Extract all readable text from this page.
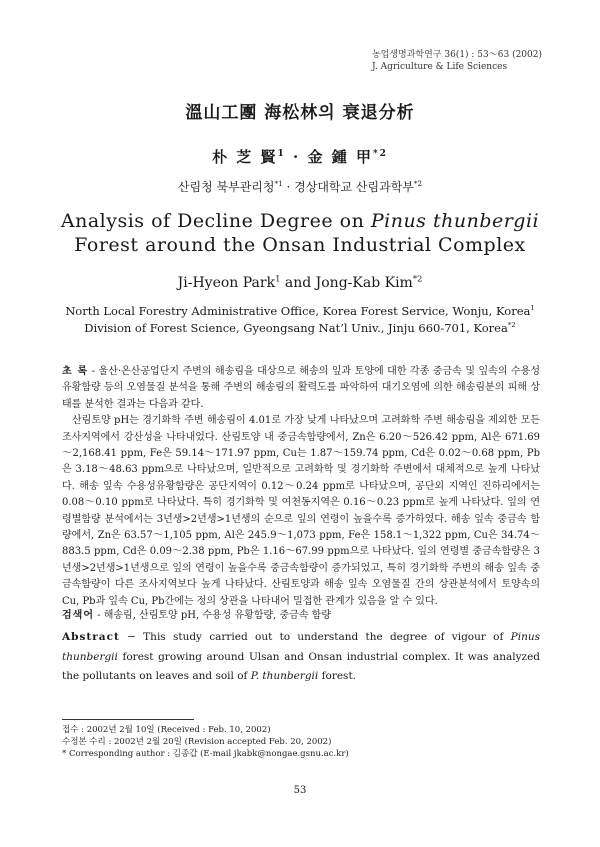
농업생명과학연구 36(1) : 53～63 (2002)
J. Agriculture & Life Sciences
溫山工團 海松林의 衰退分析
朴 芝 賢$^1$ · 金 鍾 甲$^{*2}$
산림청 북부관리청$^{*1}$ · 경상대학교 산림과학부$^{*2}$
Analysis of Decline Degree on Pinus thunbergii
Forest around the Onsan Industrial Complex
Ji-Hyeon Park$^1$ and Jong-Kab Kim$^{*2}$
North Local Forestry Administrative Office, Korea Forest Service, Wonju, Korea$^1$
Division of Forest Science, Gyeongsang Nat’l Univ., Jinju 660-701, Korea$^{*2}$
초 록 - 울산·온산공업단지 주변의 해송림을 대상으로 해송의 잎과 토양에 대한 각종 중금속 및 잎속의 수용성 유황함량 등의 오염물질 분석을 통해 주변의 해송림의 활력도를 파악하여 대기오염에 의한 해송림분의 피해 상태를 분석한 결과는 다음과 같다.
산림토양 pH는 경기화학 주변 해송림이 4.01로 가장 낮게 나타났으며 고려화학 주변 해송림을 제외한 모든 조사지역에서 강산성을 나타내었다. 산림토양 내 중금속함량에서, Zn은 6.20～526.42 ppm, Al은 671.69～2,168.41 ppm, Fe은 59.14～171.97 ppm, Cu는 1.87～159.74 ppm, Cd은 0.02～0.68 ppm, Pb은 3.18～48.63 ppm으로 나타났으며, 일반적으로 고려화학 및 경기화학 주변에서 대체적으로 높게 나타났다. 해송 잎속 수용성유황함량은 공단지역이 0.12～0.24 ppm로 나타났으며, 공단외 지역인 진하리에서는 0.08～0.10 ppm로 나타났다. 특히 경기화학 및 여천동지역은 0.16～0.23 ppm로 높게 나타났다. 잎의 연령별함량 분석에서는 3년생>2년생>1년생의 순으로 잎의 연령이 높을수록 증가하였다. 해송 잎속 중금속 함량에서, Zn은 63.57～1,105 ppm, Al은 245.9～1,073 ppm, Fe은 158.1～1,322 ppm, Cu은 34.74～883.5 ppm, Cd은 0.09～2.38 ppm, Pb은 1.16～67.99 ppm으로 나타났다. 잎의 연령별 중금속함량은 3년생>2년생>1년생으로 잎의 연령이 높을수록 중금속함량이 증가되었고, 특히 경기화학 주변의 해송 잎속 중금속함량이 다른 조사지역보다 높게 나타났다. 산림토양과 해송 잎속 오염물질 간의 상관분석에서 토양속의 Cu, Pb과 잎속 Cu, Pb간에는 정의 상관을 나타내어 밀접한 관계가 있음을 알 수 있다.
검색어 - 해송림, 산림토양 pH, 수용성 유황함량, 중금속 함량
Abstract − This study carried out to understand the degree of vigour of Pinus thunbergii forest growing around Ulsan and Onsan industrial complex. It was analyzed the pollutants on leaves and soil of P. thunbergii forest.
접수 : 2002년 2월 10일 (Received : Feb. 10, 2002)
수정본 수리 : 2002년 2월 20일 (Revision accepted Feb. 20, 2002)
* Corresponding author : 김종갑 (E-mail jkabk@nongae.gsnu.ac.kr)
53
